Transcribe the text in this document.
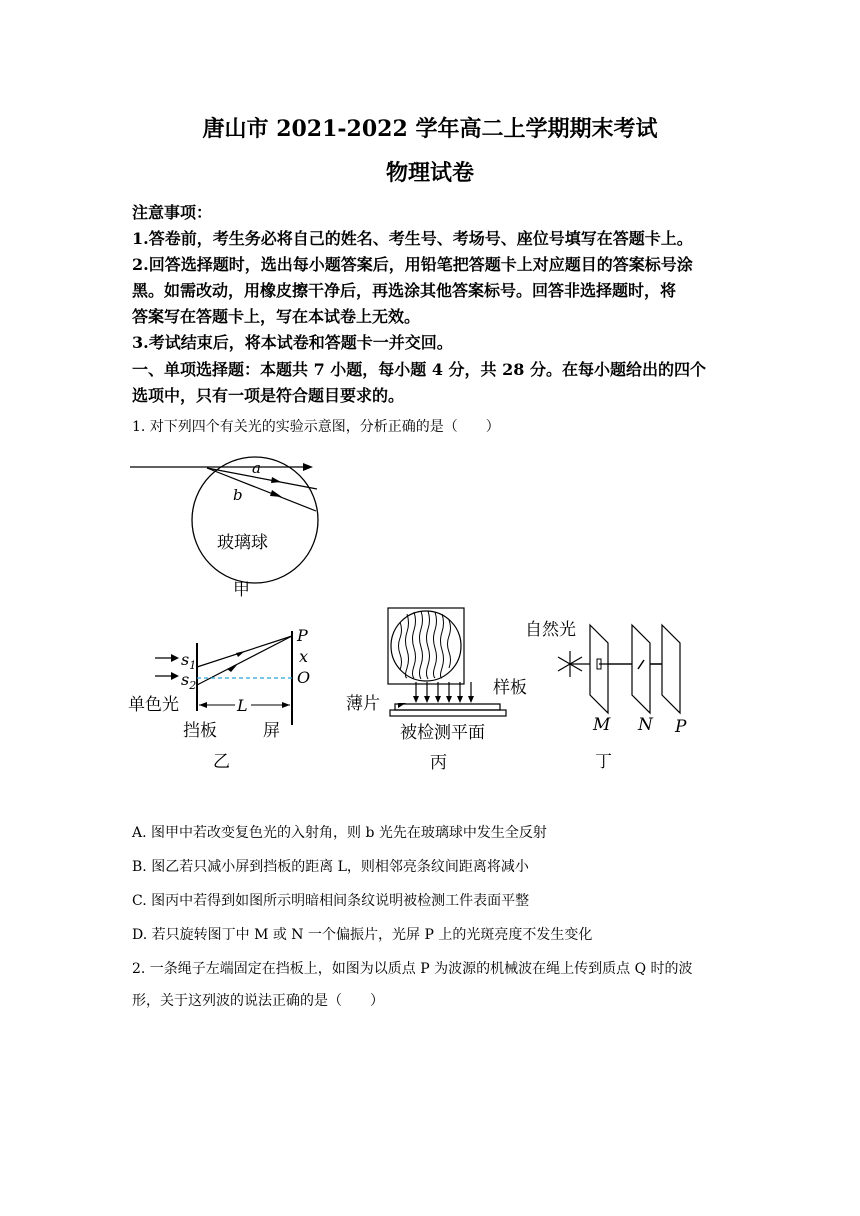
唐山市 2021-2022 学年高二上学期期末考试
物理试卷
注意事项：
1.答卷前，考生务必将自己的姓名、考生号、考场号、座位号填写在答题卡上。
2.回答选择题时，选出每小题答案后，用铅笔把答题卡上对应题目的答案标号涂
黑。如需改动，用橡皮擦干净后，再选涂其他答案标号。回答非选择题时，将
答案写在答题卡上，写在本试卷上无效。
3.考试结束后，将本试卷和答题卡一并交回。
一、单项选择题：本题共 7 小题，每小题 4 分，共 28 分。在每小题给出的四个
选项中，只有一项是符合题目要求的。
1. 对下列四个有关光的实验示意图，分析正确的是（　　）
a
b
玻璃球
甲
$s_1$
$s_2$
P
x
O
L
单色光
挡板	屏
乙
薄片
样板
被检测平面
丙
自然光
M N P
丁
A. 图甲中若改变复色光的入射角，则 b 光先在玻璃球中发生全反射
B. 图乙若只减小屏到挡板的距离 L，则相邻亮条纹间距离将减小
C. 图丙中若得到如图所示明暗相间条纹说明被检测工件表面平整
D. 若只旋转图丁中 M 或 N 一个偏振片，光屏 P 上的光斑亮度不发生变化
2. 一条绳子左端固定在挡板上，如图为以质点 P 为波源的机械波在绳上传到质点 Q 时的波
形，关于这列波的说法正确的是（　　）
